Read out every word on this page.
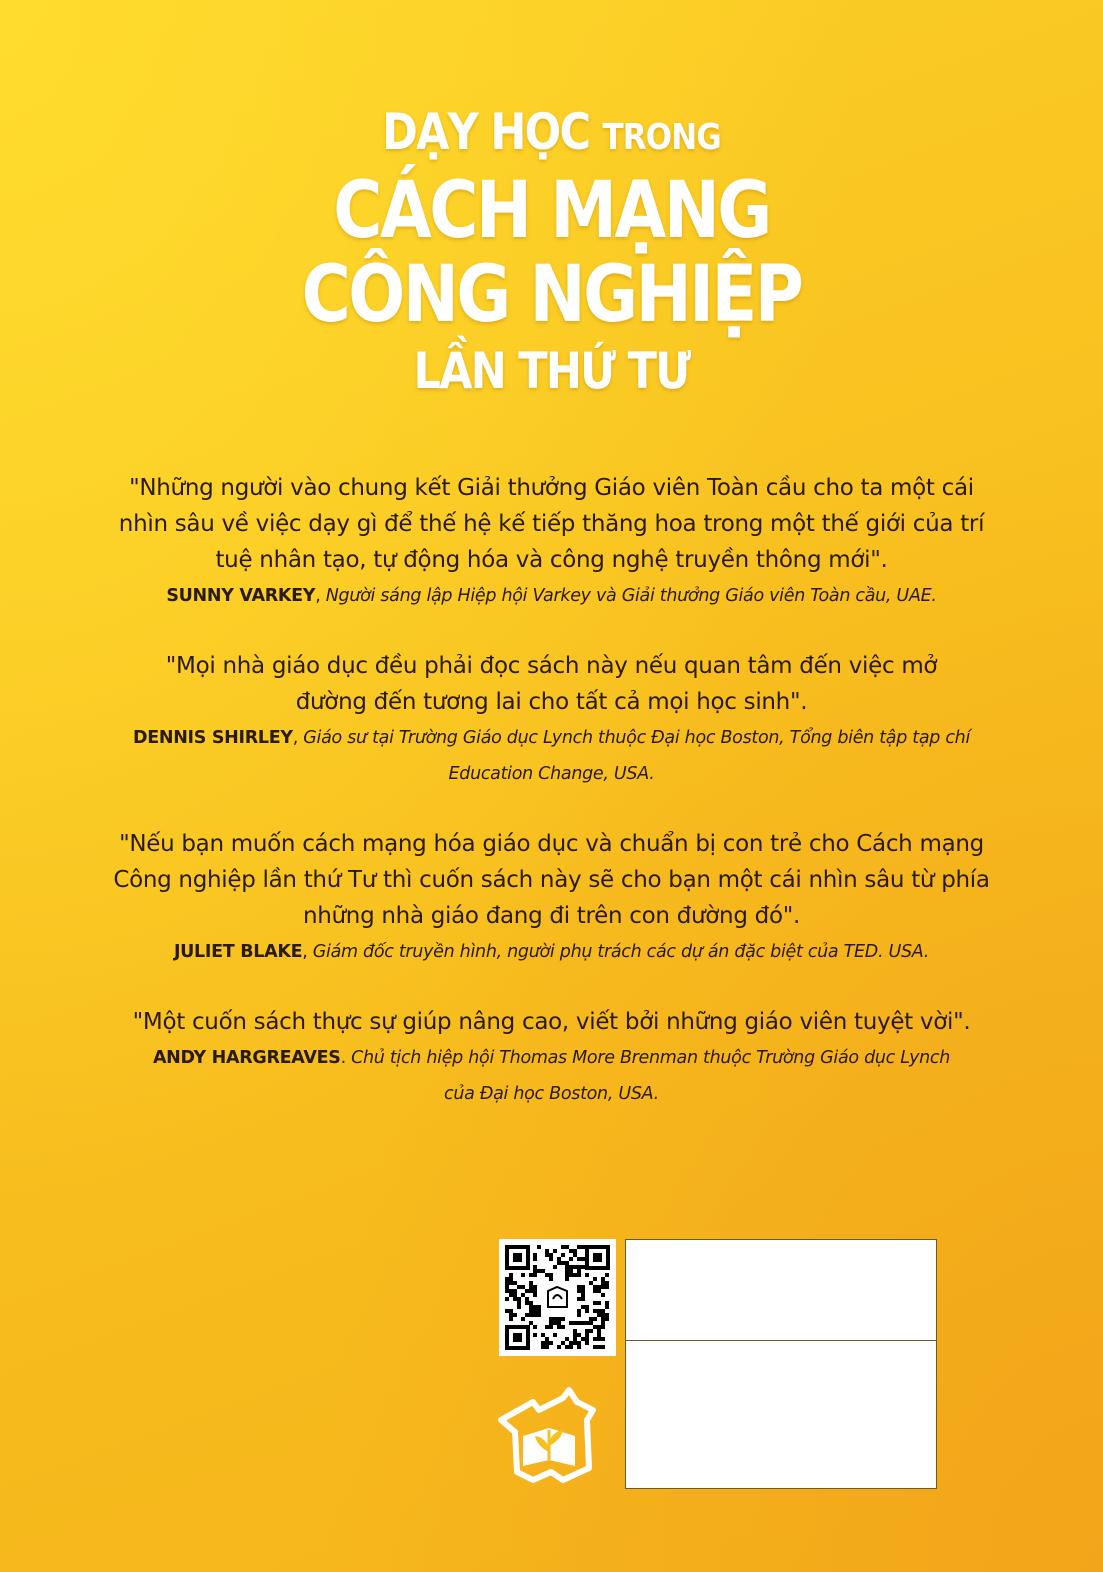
DẠY HỌC TRONG
CÁCH MẠNG
CÔNG NGHIỆP
LẦN THỨ TƯ
"Những người vào chung kết Giải thưởng Giáo viên Toàn cầu cho ta một cái nhìn sâu về việc dạy gì để thế hệ kế tiếp thăng hoa trong một thế giới của trí tuệ nhân tạo, tự động hóa và công nghệ truyền thông mới".
SUNNY VARKEY, Người sáng lập Hiệp hội Varkey và Giải thưởng Giáo viên Toàn cầu, UAE.
"Mọi nhà giáo dục đều phải đọc sách này nếu quan tâm đến việc mở đường đến tương lai cho tất cả mọi học sinh".
DENNIS SHIRLEY, Giáo sư tại Trường Giáo dục Lynch thuộc Đại học Boston, Tổng biên tập tạp chí Education Change, USA.
"Nếu bạn muốn cách mạng hóa giáo dục và chuẩn bị con trẻ cho Cách mạng Công nghiệp lần thứ Tư thì cuốn sách này sẽ cho bạn một cái nhìn sâu từ phía những nhà giáo đang đi trên con đường đó".
JULIET BLAKE, Giám đốc truyền hình, người phụ trách các dự án đặc biệt của TED. USA.
"Một cuốn sách thực sự giúp nâng cao, viết bởi những giáo viên tuyệt vời".
ANDY HARGREAVES. Chủ tịch hiệp hội Thomas More Brenman thuộc Trường Giáo dục Lynch của Đại học Boston, USA.
